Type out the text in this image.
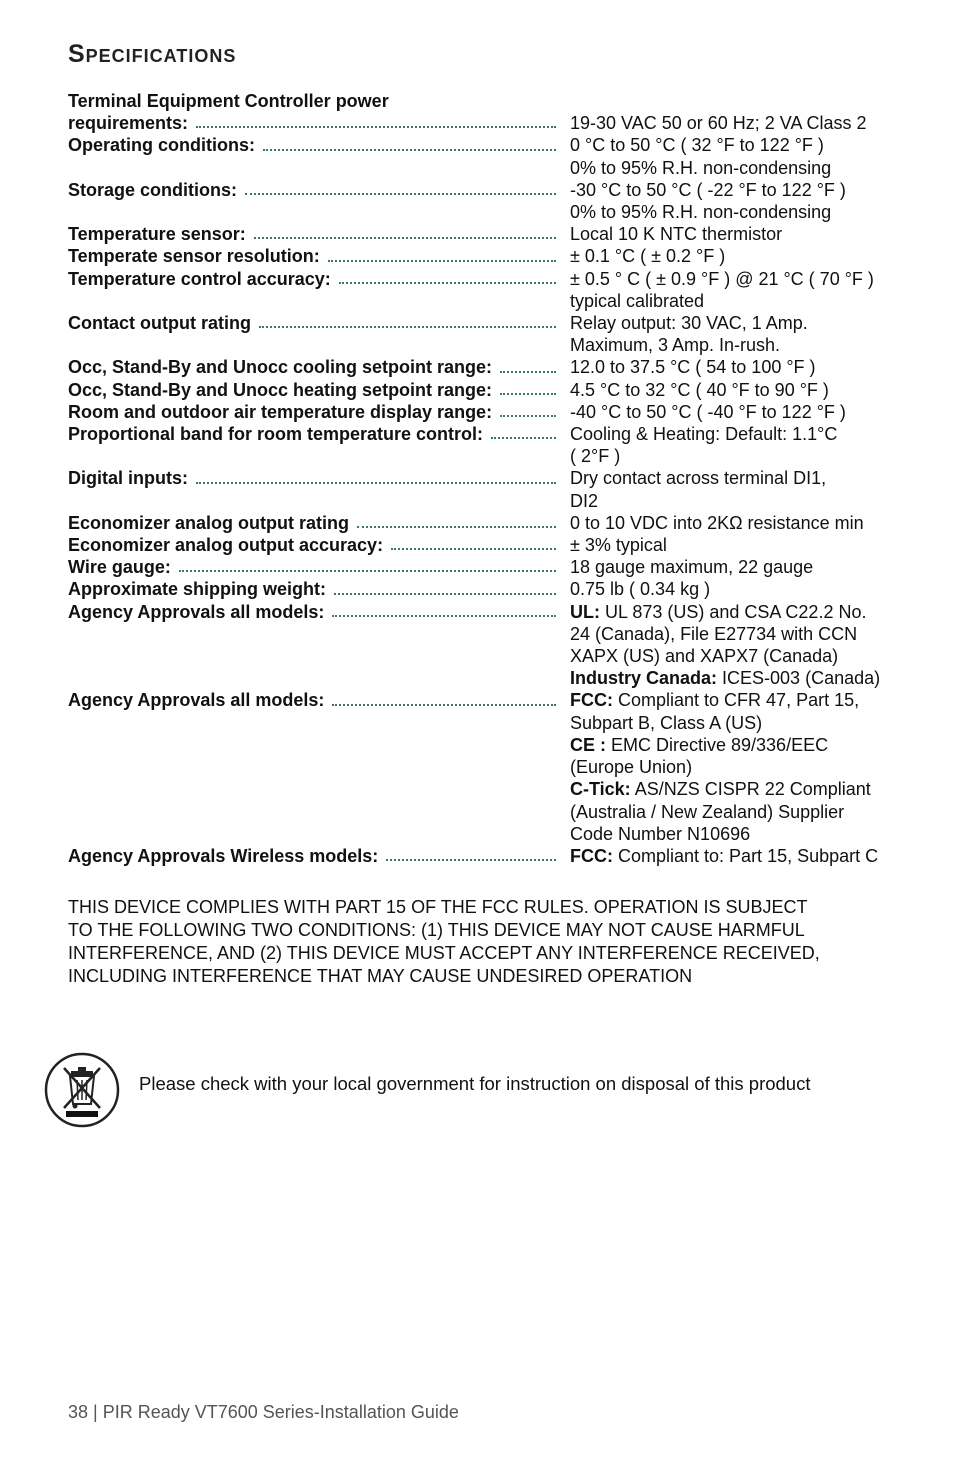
Specifications
Terminal Equipment Controller power
requirements:
	19-30 VAC 50 or 60 Hz; 2 VA Class 2
Operating conditions:	0 °C to 50 °C ( 32 °F to 122 °F )
0% to 95% R.H. non-condensing
Storage conditions:	-30 °C to 50 °C ( -22 °F to 122 °F )
0% to 95% R.H. non-condensing
Temperature sensor:	Local 10 K NTC thermistor
Temperate sensor resolution:	± 0.1 °C ( ± 0.2 °F )
Temperature control accuracy:	± 0.5 ° C ( ± 0.9 °F ) @ 21 °C ( 70 °F )
typical calibrated
Contact output rating	Relay output: 30 VAC, 1 Amp.
Maximum, 3 Amp. In-rush.
Occ, Stand-By and Unocc cooling setpoint range:	12.0 to 37.5 °C ( 54 to 100 °F )
Occ, Stand-By and Unocc heating setpoint range:	4.5 °C to 32 °C ( 40 °F to 90 °F )
Room and outdoor air temperature display range:	-40 °C to 50 °C ( -40 °F to 122 °F )
Proportional band for room temperature control:	Cooling & Heating: Default: 1.1°C
( 2°F )
Digital inputs:	Dry contact across terminal DI1,
DI2
Economizer analog output rating	0 to 10 VDC into 2KΩ resistance min
Economizer analog output accuracy:	± 3% typical
Wire gauge:	18 gauge maximum, 22 gauge
Approximate shipping weight:	0.75 lb ( 0.34 kg )
Agency Approvals all models:	UL: UL 873 (US) and CSA C22.2 No.
24 (Canada), File E27734 with CCN
XAPX (US) and XAPX7 (Canada)
Industry Canada: ICES-003 (Canada)
Agency Approvals all models:	FCC: Compliant to CFR 47, Part 15,
Subpart B, Class A (US)
CE : EMC Directive 89/336/EEC
(Europe Union)
C-Tick: AS/NZS CISPR 22 Compliant
(Australia / New Zealand) Supplier
Code Number N10696
Agency Approvals Wireless models:	FCC: Compliant to: Part 15, Subpart C
THIS DEVICE COMPLIES WITH PART 15 OF THE FCC RULES. OPERATION IS SUBJECT
TO THE FOLLOWING TWO CONDITIONS: (1) THIS DEVICE MAY NOT CAUSE HARMFUL
INTERFERENCE, AND (2) THIS DEVICE MUST ACCEPT ANY INTERFERENCE RECEIVED,
INCLUDING INTERFERENCE THAT MAY CAUSE UNDESIRED OPERATION
Please check with your local government for instruction on disposal of this product
38 | PIR Ready VT7600 Series-Installation Guide
